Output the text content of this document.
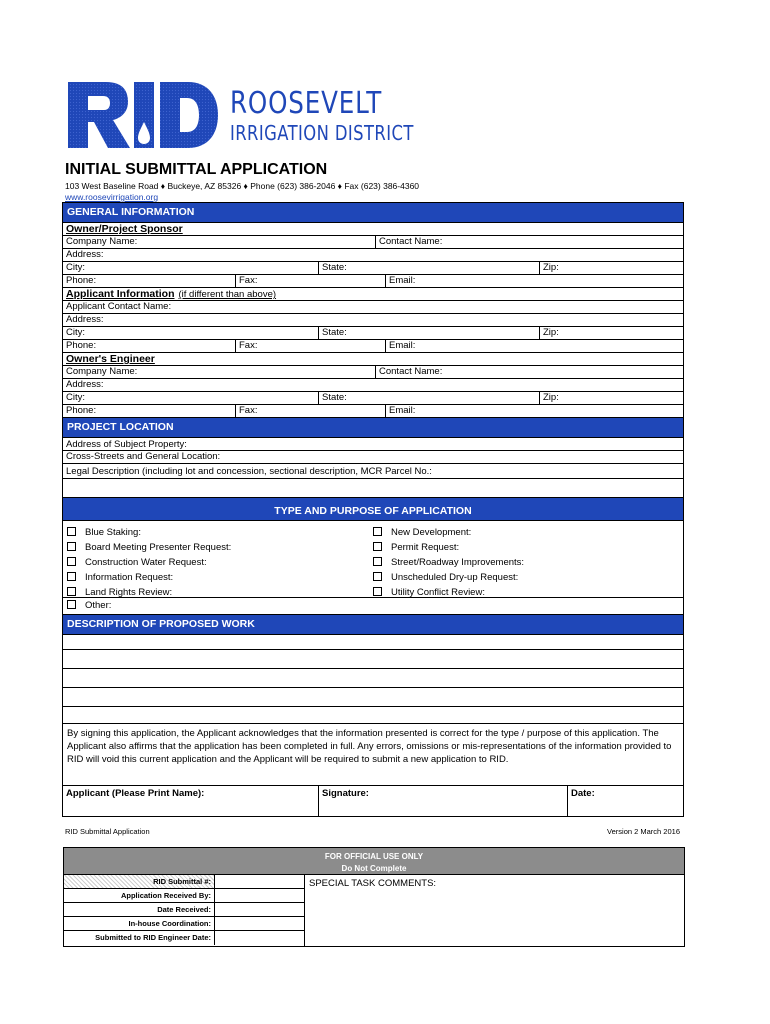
ROOSEVELT
IRRIGATION DISTRICT
INITIAL SUBMITTAL APPLICATION
103 West Baseline Road ♦ Buckeye, AZ 85326 ♦ Phone (623) 386-2046 ♦ Fax (623) 386-4360
www.roosevirrigation.org
GENERAL INFORMATION
Owner/Project Sponsor
Company Name:	Contact Name:
Address:
City:	State:	Zip:
Phone:	Fax:	Email:
Applicant Information (if different than above)
Applicant Contact Name:
Address:
City:	State:	Zip:
Phone:	Fax:	Email:
Owner's Engineer
Company Name:	Contact Name:
Address:
City:	State:	Zip:
Phone:	Fax:	Email:
PROJECT LOCATION
Address of Subject Property:
Cross-Streets and General Location:
Legal Description (including lot and concession, sectional description, MCR Parcel No.:
TYPE AND PURPOSE OF APPLICATION
Blue Staking:
Board Meeting Presenter Request:
Construction Water Request:
Information Request:
Land Rights Review:
New Development:
Permit Request:
Street/Roadway Improvements:
Unscheduled Dry-up Request:
Utility Conflict Review:
Other:
DESCRIPTION OF PROPOSED WORK
By signing this application, the Applicant acknowledges that the information presented is correct for the type / purpose of this application. The Applicant also affirms that the application has been completed in full. Any errors, omissions or mis-representations of the information provided to RID will void this current application and the Applicant will be required to submit a new application to RID.
Applicant (Please Print Name):	Signature:	Date:
RID Submittal Application	Version 2 March 2016
FOR OFFICIAL USE ONLY
Do Not Complete
RID Submittal #:
Application Received By:
Date Received:
In-house Coordination:
Submitted to RID Engineer Date:
SPECIAL TASK COMMENTS:
